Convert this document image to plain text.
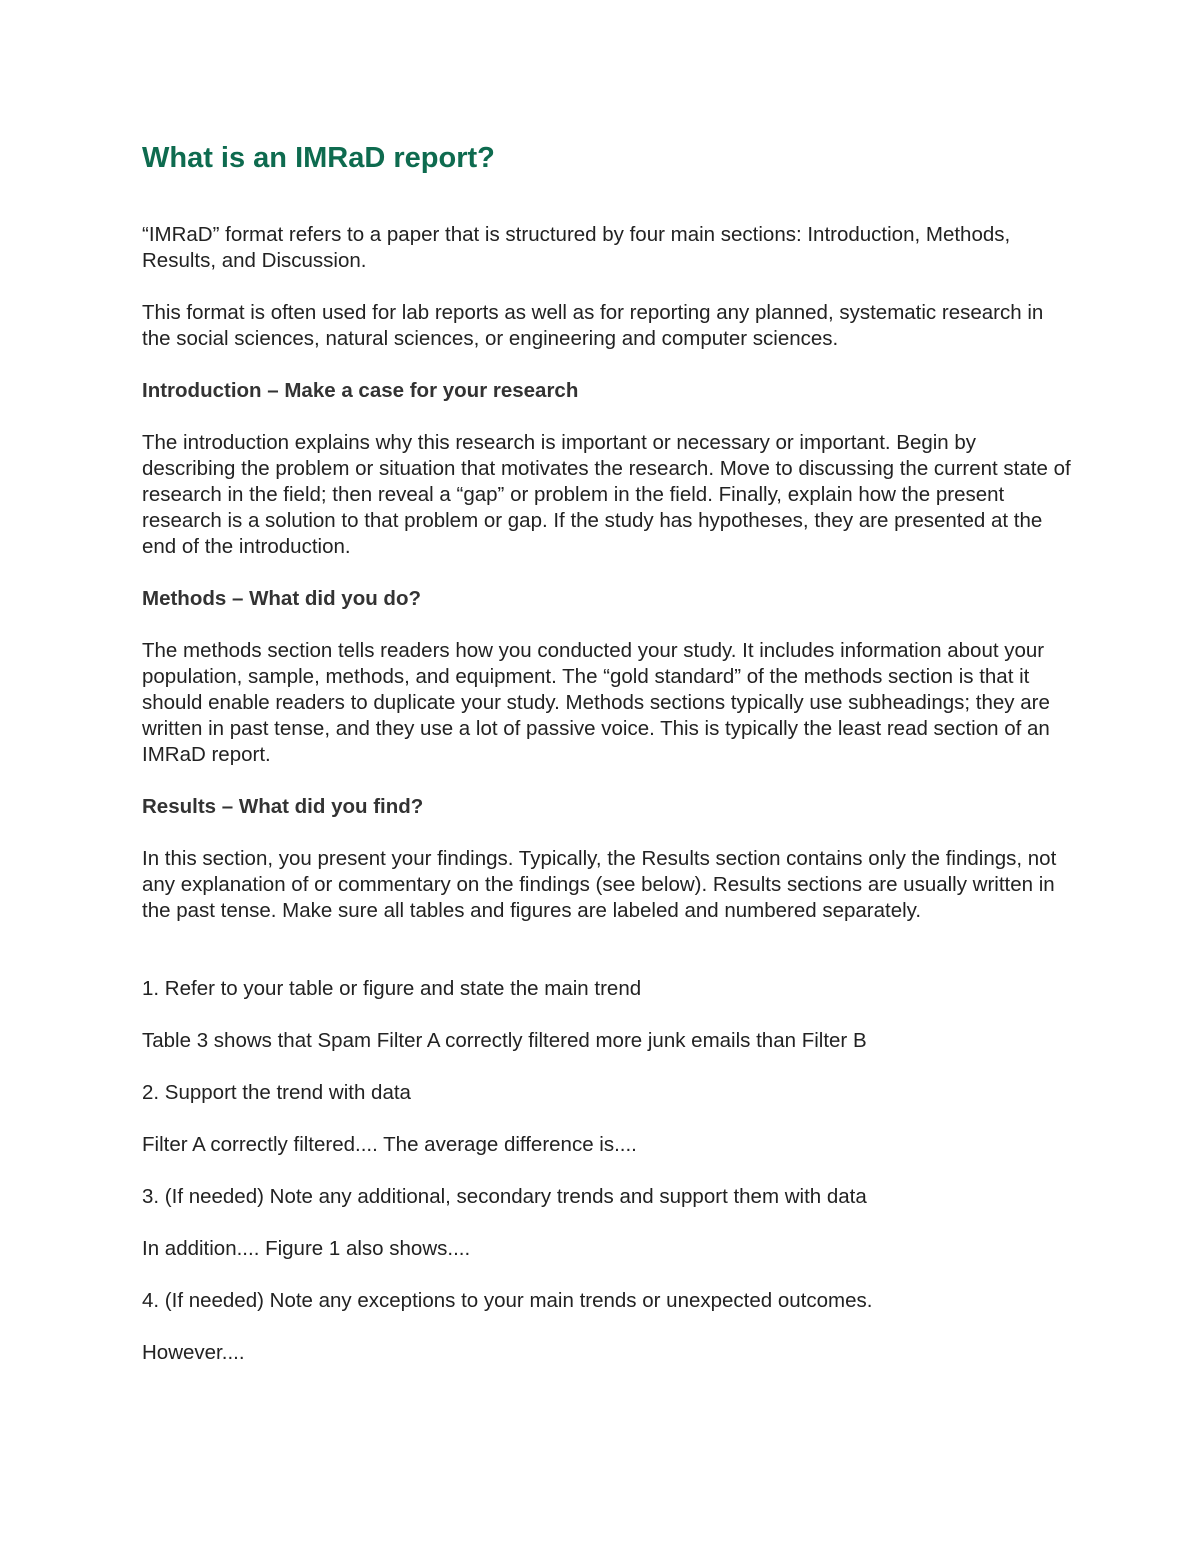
What is an IMRaD report?

“IMRaD” format refers to a paper that is structured by four main sections: Introduction, Methods, Results, and Discussion.

This format is often used for lab reports as well as for reporting any planned, systematic research in the social sciences, natural sciences, or engineering and computer sciences.

Introduction – Make a case for your research

The introduction explains why this research is important or necessary or important. Begin by describing the problem or situation that motivates the research. Move to discussing the current state of research in the field; then reveal a “gap” or problem in the field. Finally, explain how the present research is a solution to that problem or gap. If the study has hypotheses, they are presented at the end of the introduction.

Methods – What did you do?

The methods section tells readers how you conducted your study. It includes information about your population, sample, methods, and equipment. The “gold standard” of the methods section is that it should enable readers to duplicate your study. Methods sections typically use subheadings; they are written in past tense, and they use a lot of passive voice. This is typically the least read section of an IMRaD report.

Results – What did you find?

In this section, you present your findings. Typically, the Results section contains only the findings, not any explanation of or commentary on the findings (see below). Results sections are usually written in the past tense. Make sure all tables and figures are labeled and numbered separately.

1. Refer to your table or figure and state the main trend

Table 3 shows that Spam Filter A correctly filtered more junk emails than Filter B

2. Support the trend with data

Filter A correctly filtered.... The average difference is....

3. (If needed) Note any additional, secondary trends and support them with data

In addition.... Figure 1 also shows....

4. (If needed) Note any exceptions to your main trends or unexpected outcomes.

However....
